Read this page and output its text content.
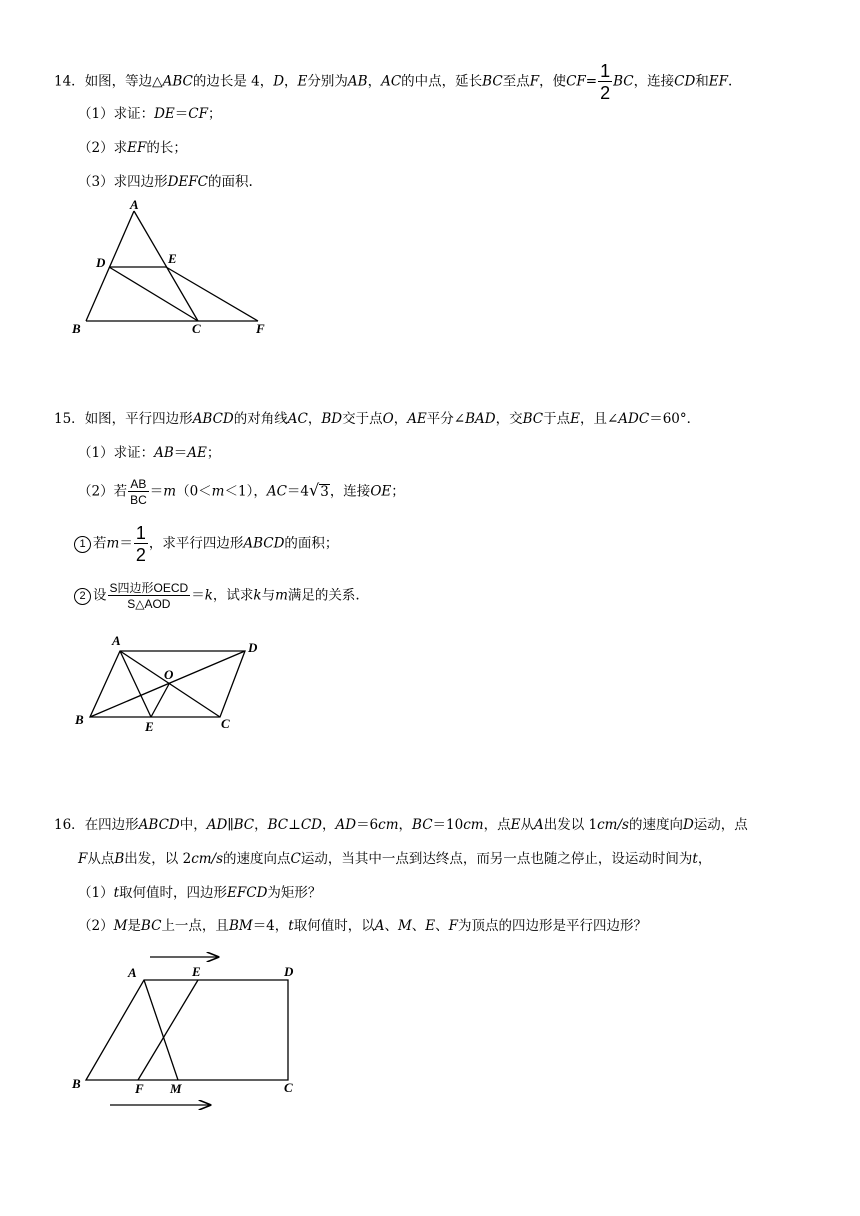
14．如图，等边△ABC的边长是 4，D，E分别为AB，AC的中点，延长BC至点F，使$CF= \frac{1}{2}$ BC，连接CD和EF.
（1）求证：DE＝CF；
（2）求EF的长；
（3）求四边形DEFC的面积.
A
D	E
B	C	F
15．如图，平行四边形ABCD的对角线AC，BD交于点O，AE平分∠BAD，交BC于点E，且∠ADC＝60°．
（1）求证：AB＝AE；
（2）若 $\frac{AB}{BC} =m(0<m<1)$，AC＝4√3，连接OE；
1 若$m= \frac{1}{2}$ ，求平行四边形ABCD的面积；
2 设 $\frac{\text{S四边形OECD}}{\text{S△AOD}} =k$，试求k与m满足的关系.
A	D
O
B	E	C
16．在四边形ABCD中，AD∥BC，BC⊥CD，AD＝6cm，BC＝10cm，点E从A出发以 1cm/s的速度向D运动，点
F从点B出发，以 2cm/s的速度向点C运动，当其中一点到达终点，而另一点也随之停止，设运动时间为t，
（1）t取何值时，四边形EFCD为矩形？
（2）M是BC上一点，且BM＝4，t取何值时，以A、M、E、F为顶点的四边形是平行四边形？
A	E	D
B	F M	C
